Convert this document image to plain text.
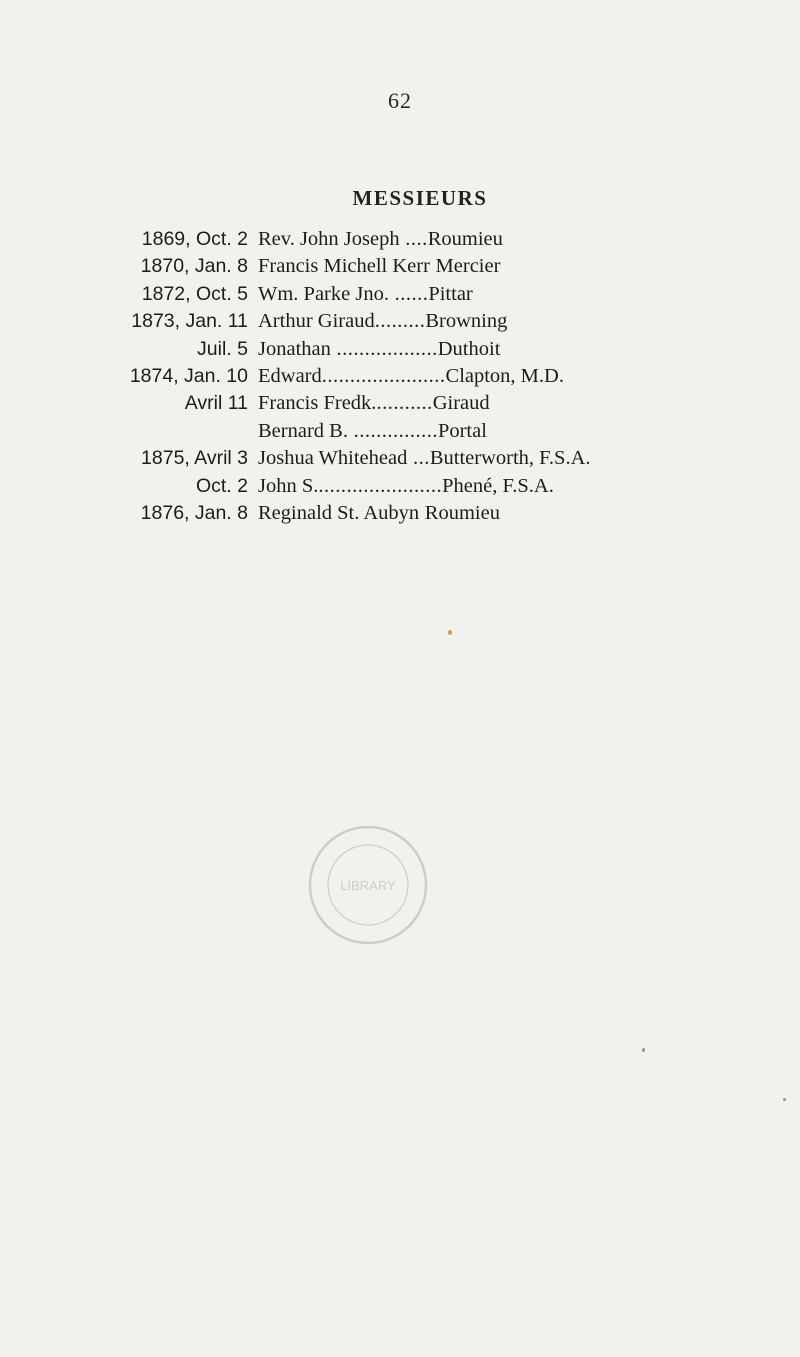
62
MESSIEURS
1869, Oct. 2 Rev. John Joseph ....Roumieu
1870, Jan. 8 Francis Michell Kerr Mercier
1872, Oct. 5 Wm. Parke Jno. ......Pittar
1873, Jan. 11 Arthur Giraud.........Browning
Juil. 5 Jonathan ..................Duthoit
1874, Jan. 10 Edward......................Clapton, M.D.
Avril 11 Francis Fredk...........Giraud
Bernard B. ...............Portal
1875, Avril 3 Joshua Whitehead ...Butterworth, F.S.A.
Oct. 2 John S.......................Phené, F.S.A.
1876, Jan. 8 Reginald St. Aubyn Roumieu
LIBRARY
